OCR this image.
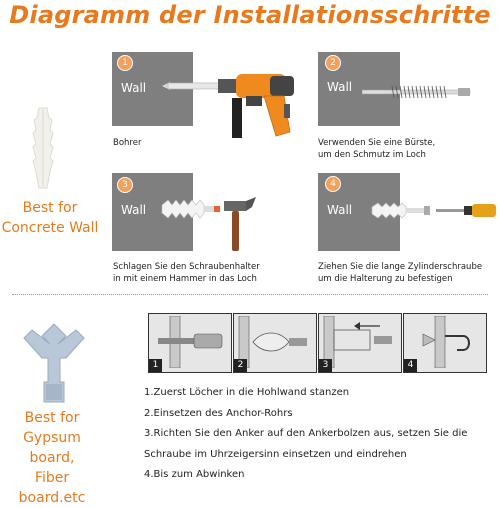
Diagramm der Installationsschritte
Best for
Concrete Wall
1
Wall
Bohrer
2
Wall
Verwenden Sie eine Bürste,
um den Schmutz im Loch
3
Wall
Schlagen Sie den Schraubenhalter
in mit einem Hammer in das Loch
4
Wall
Ziehen Sie die lange Zylinderschraube
um die Halterung zu befestigen
Best for
Gypsum board,
Fiber board.etc
1	2	3	4
1.Zuerst Löcher in die Hohlwand stanzen
2.Einsetzen des Anchor-Rohrs
3.Richten Sie den Anker auf den Ankerbolzen aus, setzen Sie die
Schraube im Uhrzeigersinn einsetzen und eindrehen
4.Bis zum Abwinken
